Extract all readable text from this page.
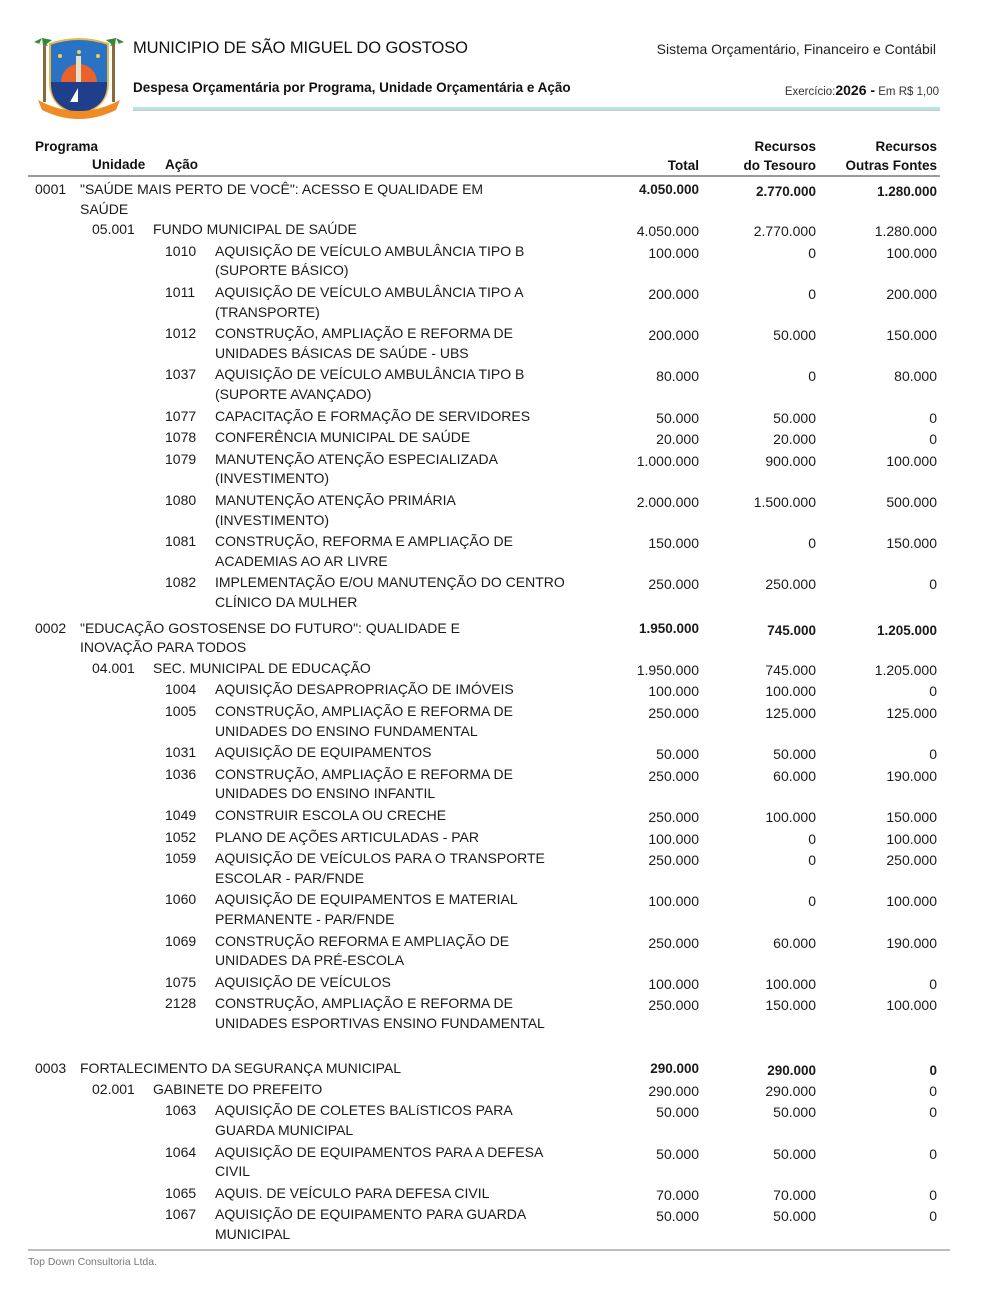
MUNICIPIO DE SÃO MIGUEL DO GOSTOSO	Sistema Orçamentário, Financeiro e Contábil
Despesa Orçamentária por Programa, Unidade Orçamentária e Ação	Exercício:2026 - Em R$ 1,00
Programa
Unidade Ação	Total
Recursos
do Tesouro
Recursos
Outras Fontes
0001 "SAÚDE MAIS PERTO DE VOCÊ": ACESSO E QUALIDADE EM SAÚDE
4.050.000	2.770.000	1.280.000
05.001 FUNDO MUNICIPAL DE SAÚDE	4.050.000	2.770.000	1.280.000
1010 AQUISIÇÃO DE VEÍCULO AMBULÂNCIA TIPO B (SUPORTE BÁSICO)
100.000	0	100.000
1011 AQUISIÇÃO DE VEÍCULO AMBULÂNCIA TIPO A (TRANSPORTE)
200.000	0	200.000
1012 CONSTRUÇÃO, AMPLIAÇÃO E REFORMA DE UNIDADES BÁSICAS DE SAÚDE - UBS
200.000	50.000	150.000
1037 AQUISIÇÃO DE VEÍCULO AMBULÂNCIA TIPO B (SUPORTE AVANÇADO)
80.000	0	80.000
1077 CAPACITAÇÃO E FORMAÇÃO DE SERVIDORES	50.000	50.000	0
1078 CONFERÊNCIA MUNICIPAL DE SAÚDE	20.000	20.000	0
1079 MANUTENÇÃO ATENÇÃO ESPECIALIZADA (INVESTIMENTO)
1.000.000	900.000	100.000
1080 MANUTENÇÃO ATENÇÃO PRIMÁRIA (INVESTIMENTO)
2.000.000	1.500.000	500.000
1081 CONSTRUÇÃO, REFORMA E AMPLIAÇÃO DE ACADEMIAS AO AR LIVRE
150.000	0	150.000
1082 IMPLEMENTAÇÃO E/OU MANUTENÇÃO DO CENTRO CLÍNICO DA MULHER
250.000	250.000	0
0002 "EDUCAÇÃO GOSTOSENSE DO FUTURO": QUALIDADE E INOVAÇÃO PARA TODOS
1.950.000	745.000	1.205.000
04.001 SEC. MUNICIPAL DE EDUCAÇÃO	1.950.000	745.000	1.205.000
1004 AQUISIÇÃO DESAPROPRIAÇÃO DE IMÓVEIS	100.000	100.000	0
1005 CONSTRUÇÃO, AMPLIAÇÃO E REFORMA DE UNIDADES DO ENSINO FUNDAMENTAL
250.000	125.000	125.000
1031 AQUISIÇÃO DE EQUIPAMENTOS	50.000	50.000	0
1036 CONSTRUÇÃO, AMPLIAÇÃO E REFORMA DE UNIDADES DO ENSINO INFANTIL
250.000	60.000	190.000
1049 CONSTRUIR ESCOLA OU CRECHE	250.000	100.000	150.000
1052 PLANO DE AÇÕES ARTICULADAS - PAR	100.000	0	100.000
1059 AQUISIÇÃO DE VEÍCULOS PARA O TRANSPORTE ESCOLAR - PAR/FNDE
250.000	0	250.000
1060 AQUISIÇÃO DE EQUIPAMENTOS E MATERIAL PERMANENTE - PAR/FNDE
100.000	0	100.000
1069 CONSTRUÇÃO REFORMA E AMPLIAÇÃO DE UNIDADES DA PRÉ-ESCOLA
250.000	60.000	190.000
1075 AQUISIÇÃO DE VEÍCULOS	100.000	100.000	0
2128 CONSTRUÇÃO, AMPLIAÇÃO E REFORMA DE UNIDADES ESPORTIVAS ENSINO FUNDAMENTAL
250.000	150.000	100.000
0003 FORTALECIMENTO DA SEGURANÇA MUNICIPAL	290.000	290.000	0
02.001 GABINETE DO PREFEITO	290.000	290.000	0
1063 AQUISIÇÃO DE COLETES BALíSTICOS PARA GUARDA MUNICIPAL
50.000	50.000	0
1064 AQUISIÇÃO DE EQUIPAMENTOS PARA A DEFESA CIVIL
50.000	50.000	0
1065 AQUIS. DE VEÍCULO PARA DEFESA CIVIL	70.000	70.000	0
1067 AQUISIÇÃO DE EQUIPAMENTO PARA GUARDA MUNICIPAL
50.000	50.000	0
Top Down Consultoria Ltda.
